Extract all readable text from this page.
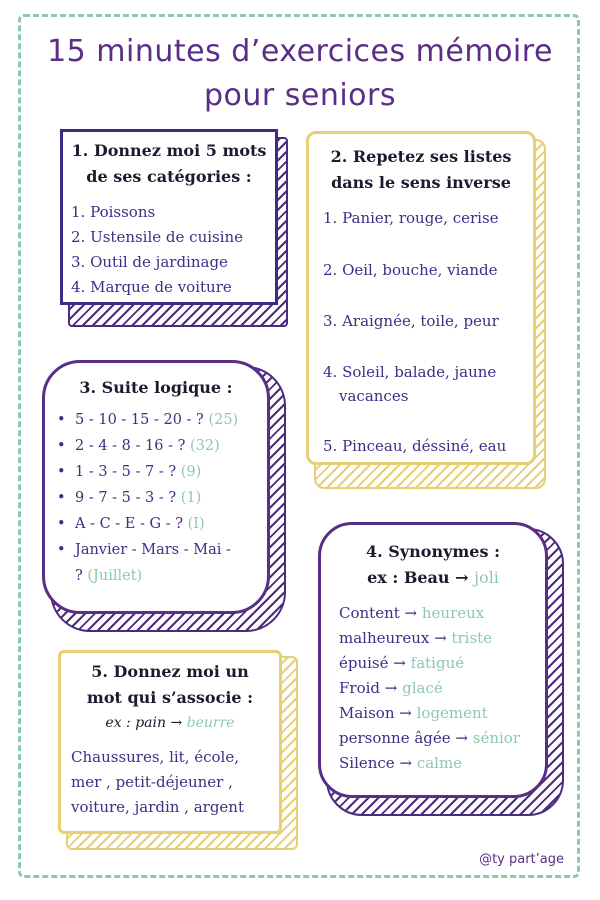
15 minutes d’exercices mémoire
pour seniors
1. Donnez moi 5 mots
de ses catégories :
1. Poissons
2. Ustensile de cuisine
3. Outil de jardinage
4. Marque de voiture
2. Repetez ses listes
dans le sens inverse
1. Panier, rouge, cerise
2. Oeil, bouche, viande
3. Araignée, toile, peur
4. Soleil, balade, jaune
vacances
5. Pinceau, déssiné, eau
3. Suite logique :
• 5 - 10 - 15 - 20 - ? (25)
• 2 - 4 - 8 - 16 - ? (32)
• 1 - 3 - 5 - 7 - ? (9)
• 9 - 7 - 5 - 3 - ? (1)
• A - C - E - G - ? (I)
• Janvier - Mars - Mai -
? (Juillet)
4. Synonymes :
ex : Beau → joli
Content → heureux
malheureux → triste
épuisé → fatigué
Froid → glacé
Maison → logement
personne âgée → sénior
Silence → calme
5. Donnez moi un
mot qui s’associe :
ex : pain → beurre
Chaussures, lit, école,
mer , petit-déjeuner ,
voiture, jardin , argent
@ty part’age
